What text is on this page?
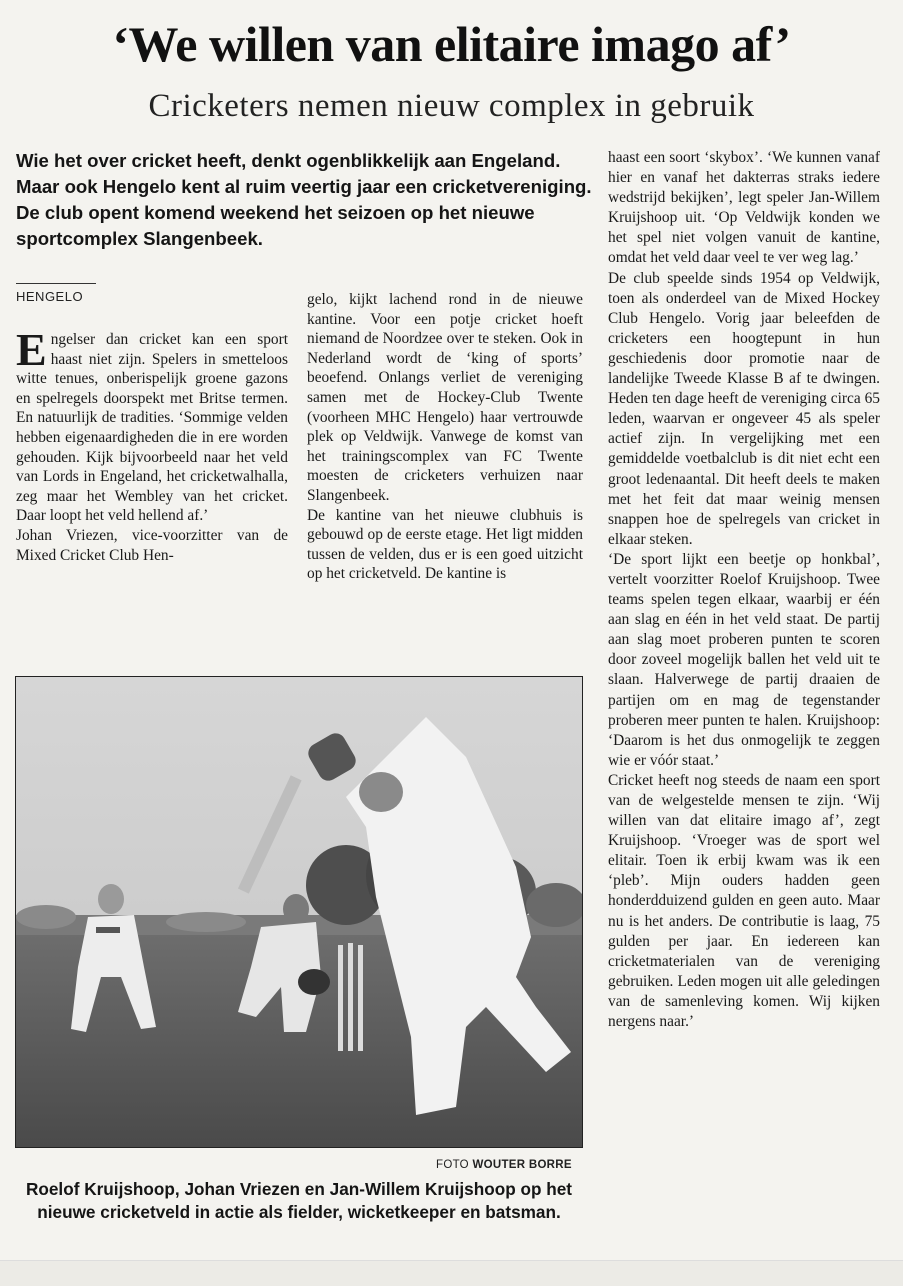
‘We willen van elitaire imago af’
Cricketers nemen nieuw complex in gebruik
Wie het over cricket heeft, denkt ogenblikkelijk aan Engeland. Maar ook Hengelo kent al ruim veertig jaar een cricketvereniging. De club opent komend weekend het seizoen op het nieuwe sportcomplex Slangenbeek.
HENGELO

Engelser dan cricket kan een sport haast niet zijn. Spelers in smetteloos witte tenues, onberispelijk groene gazons en spelregels doorspekt met Britse termen. En natuurlijk de tradities. ‘Sommige velden hebben eigenaardigheden die in ere worden gehouden. Kijk bijvoorbeeld naar het veld van Lords in Engeland, het cricketwalhalla, zeg maar het Wembley van het cricket. Daar loopt het veld hellend af.’

Johan Vriezen, vice-voorzitter van de Mixed Cricket Club Hen-

gelo, kijkt lachend rond in de nieuwe kantine. Voor een potje cricket hoeft niemand de Noordzee over te steken. Ook in Nederland wordt de ‘king of sports’ beoefend. Onlangs verliet de vereniging samen met de Hockey-Club Twente (voorheen MHC Hengelo) haar vertrouwde plek op Veldwijk. Vanwege de komst van het trainingscomplex van FC Twente moesten de cricketers verhuizen naar Slangenbeek.

De kantine van het nieuwe clubhuis is gebouwd op de eerste etage. Het ligt midden tussen de velden, dus er is een goed uitzicht op het cricketveld. De kantine is

haast een soort ‘skybox’. ‘We kunnen vanaf hier en vanaf het dakterras straks iedere wedstrijd bekijken’, legt speler Jan-Willem Kruijshoop uit. ‘Op Veldwijk konden we het spel niet volgen vanuit de kantine, omdat het veld daar veel te ver weg lag.’

De club speelde sinds 1954 op Veldwijk, toen als onderdeel van de Mixed Hockey Club Hengelo. Vorig jaar beleefden de cricketers een hoogtepunt in hun geschiedenis door promotie naar de landelijke Tweede Klasse B af te dwingen. Heden ten dage heeft de vereniging circa 65 leden, waarvan er ongeveer 45 als speler actief zijn. In vergelijking met een gemiddelde voetbalclub is dit niet echt een groot ledenaantal. Dit heeft deels te maken met het feit dat maar weinig mensen snappen hoe de spelregels van cricket in elkaar steken.

‘De sport lijkt een beetje op honkbal’, vertelt voorzitter Roelof Kruijshoop. Twee teams spelen tegen elkaar, waarbij er één aan slag en één in het veld staat. De partij aan slag moet proberen punten te scoren door zoveel mogelijk ballen het veld uit te slaan. Halverwege de partij draaien de partijen om en mag de tegenstander proberen meer punten te halen. Kruijshoop: ‘Daarom is het dus onmogelijk te zeggen wie er vóór staat.’

Cricket heeft nog steeds de naam een sport van de welgestelde mensen te zijn. ‘Wij willen van dat elitaire imago af’, zegt Kruijshoop. ‘Vroeger was de sport wel elitair. Toen ik erbij kwam was ik een ‘pleb’. Mijn ouders hadden geen honderdduizend gulden en geen auto. Maar nu is het anders. De contributie is laag, 75 gulden per jaar. En iedereen kan cricketmaterialen van de vereniging gebruiken. Leden mogen uit alle geledingen van de samenleving komen. Wij kijken nergens naar.’

FOTO WOUTER BORRE
Roelof Kruijshoop, Johan Vriezen en Jan-Willem Kruijshoop op het nieuwe cricketveld in actie als fielder, wicketkeeper en batsman.
